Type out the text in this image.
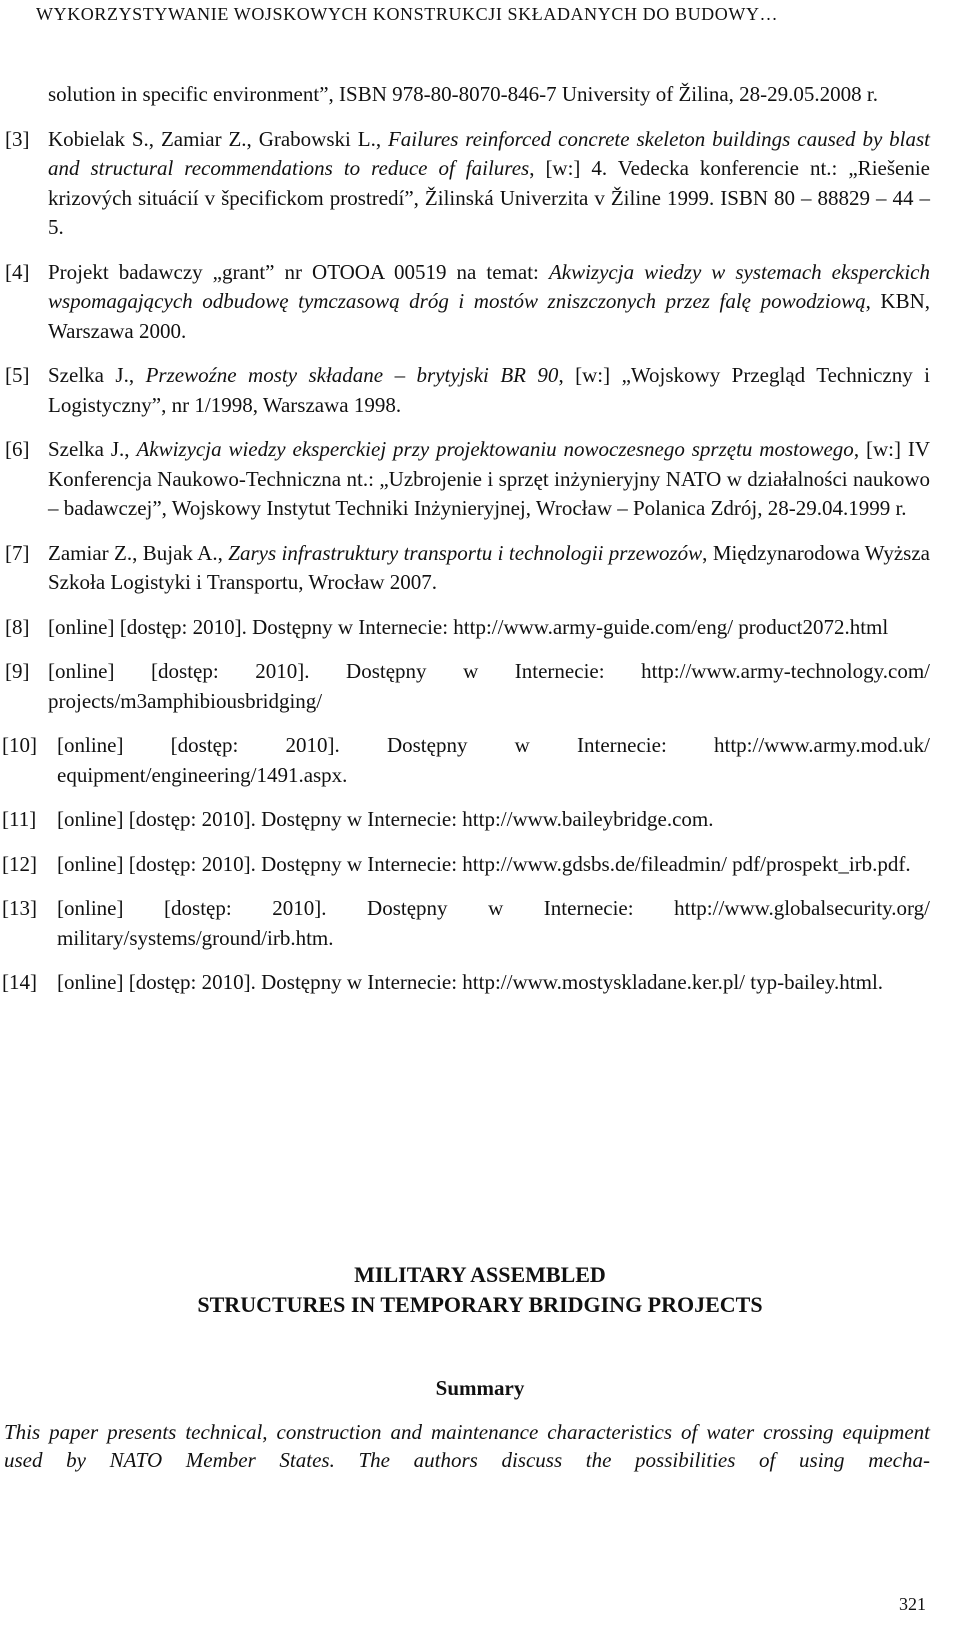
WYKORZYSTYWANIE WOJSKOWYCH KONSTRUKCJI SKŁADANYCH DO BUDOWY…
solution in specific environment”, ISBN 978-80-8070-846-7 University of Žilina, 28-29.05.2008 r.
[3] Kobielak S., Zamiar Z., Grabowski L., Failures reinforced concrete skeleton buildings caused by blast and structural recommendations to reduce of failures, [w:] 4. Vedecka konferencie nt.: „Riešenie krizových situácií v špecifickom prostredí”, Žilinská Univerzita v Žiline 1999. ISBN 80 – 88829 – 44 – 5.
[4] Projekt badawczy „grant” nr OTOOA 00519 na temat: Akwizycja wiedzy w systemach eksperckich wspomagających odbudowę tymczasową dróg i mostów zniszczonych przez falę powodziową, KBN, Warszawa 2000.
[5] Szelka J., Przewoźne mosty składane – brytyjski BR 90, [w:] „Wojskowy Przegląd Techniczny i Logistyczny”, nr 1/1998, Warszawa 1998.
[6] Szelka J., Akwizycja wiedzy eksperckiej przy projektowaniu nowoczesnego sprzętu mostowego, [w:] IV Konferencja Naukowo-Techniczna nt.: „Uzbrojenie i sprzęt inżynieryjny NATO w działalności naukowo – badawczej”, Wojskowy Instytut Techniki Inżynieryjnej, Wrocław – Polanica Zdrój, 28-29.04.1999 r.
[7] Zamiar Z., Bujak A., Zarys infrastruktury transportu i technologii przewozów, Międzynarodowa Wyższa Szkoła Logistyki i Transportu, Wrocław 2007.
[8] [online] [dostęp: 2010]. Dostępny w Internecie: http://www.army-guide.com/eng/ product2072.html
[9] [online] [dostęp: 2010]. Dostępny w Internecie: http://www.army-technology.com/ projects/m3amphibiousbridging/
[10] [online] [dostęp: 2010]. Dostępny w Internecie: http://www.army.mod.uk/ equipment/engineering/1491.aspx.
[11] [online] [dostęp: 2010]. Dostępny w Internecie: http://www.baileybridge.com.
[12] [online] [dostęp: 2010]. Dostępny w Internecie: http://www.gdsbs.de/fileadmin/ pdf/prospekt_irb.pdf.
[13] [online] [dostęp: 2010]. Dostępny w Internecie: http://www.globalsecurity.org/ military/systems/ground/irb.htm.
[14] [online] [dostęp: 2010]. Dostępny w Internecie: http://www.mostyskladane.ker.pl/ typ-bailey.html.
MILITARY ASSEMBLED
STRUCTURES IN TEMPORARY BRIDGING PROJECTS
Summary
This paper presents technical, construction and maintenance characteristics of water crossing equipment used by NATO Member States. The authors discuss the possibilities of using mecha-
321
